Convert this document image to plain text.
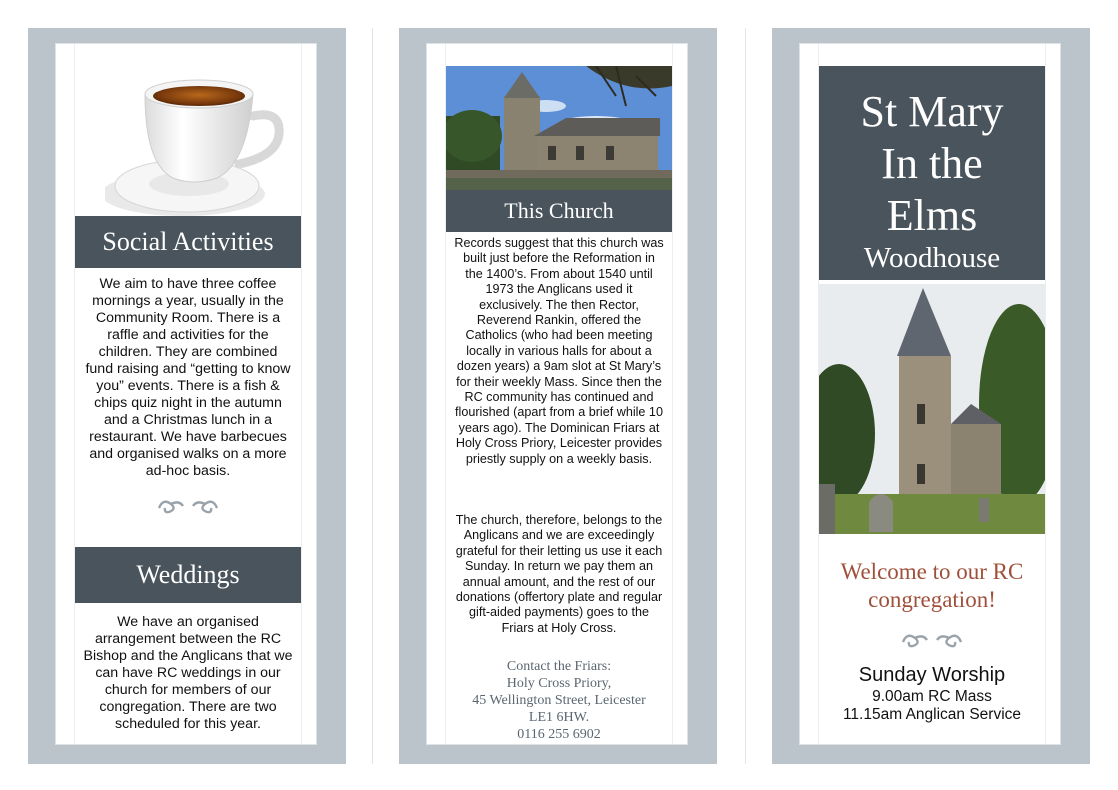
Social Activities
We aim to have three coffee mornings a year, usually in the Community Room. There is a raffle and activities for the children. They are combined fund raising and “getting to know you” events. There is a fish & chips quiz night in the autumn and a Christmas lunch in a restaurant. We have barbecues and organised walks on a more ad-hoc basis.
Weddings
We have an organised arrangement between the RC Bishop and the Anglicans that we can have RC weddings in our church for members of our congregation. There are two scheduled for this year.
This Church
Records suggest that this church was built just before the Reformation in the 1400’s. From about 1540 until 1973 the Anglicans used it exclusively. The then Rector, Reverend Rankin, offered the Catholics (who had been meeting locally in various halls for about a dozen years) a 9am slot at St Mary’s for their weekly Mass. Since then the RC community has continued and flourished (apart from a brief while 10 years ago). The Dominican Friars at Holy Cross Priory, Leicester provides priestly supply on a weekly basis.
The church, therefore, belongs to the Anglicans and we are exceedingly grateful for their letting us use it each Sunday. In return we pay them an annual amount, and the rest of our donations (offertory plate and regular gift-aided payments) goes to the Friars at Holy Cross.
Contact the Friars:
Holy Cross Priory,
45 Wellington Street, Leicester
LE1 6HW.
0116 255 6902
St Mary
In the
Elms
Woodhouse
Welcome to our RC
congregation!
Sunday Worship
9.00am RC Mass
11.15am Anglican Service
